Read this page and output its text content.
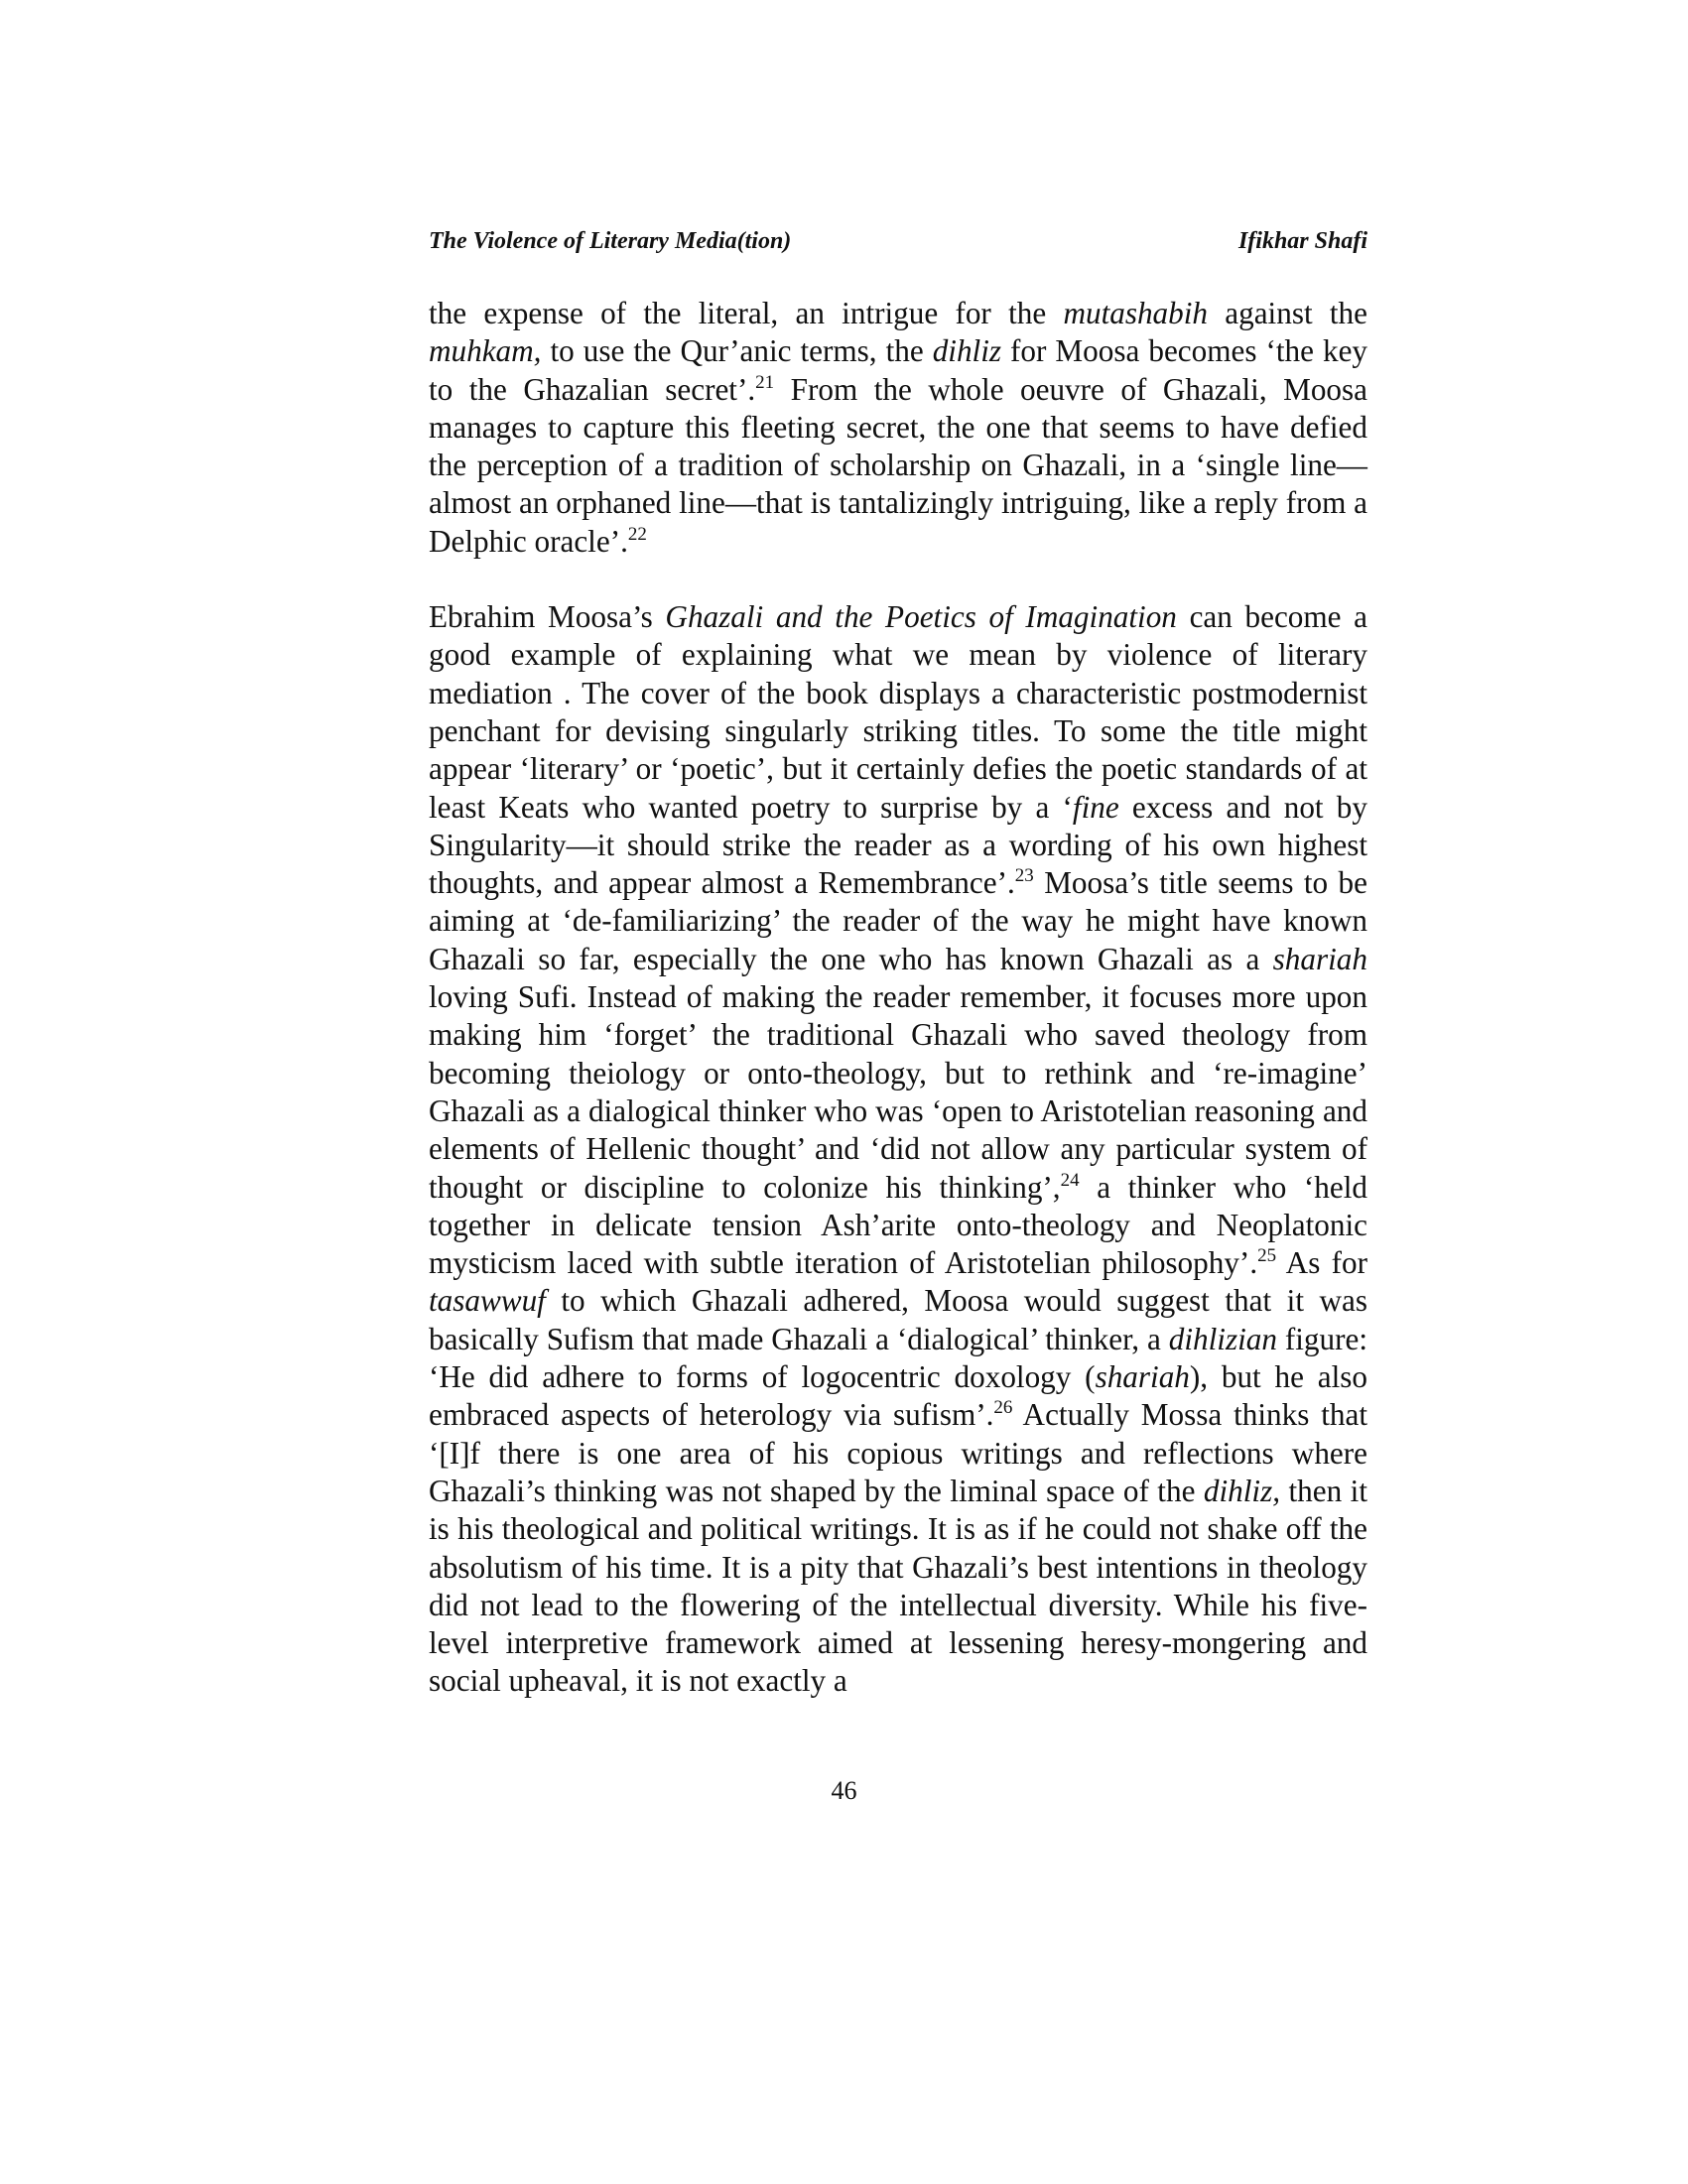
The Violence of Literary Media(tion)	Ifikhar Shafi

the expense of the literal, an intrigue for the mutashabih against the muhkam, to use the Qur’anic terms, the dihliz for Moosa becomes ‘the key to the Ghazalian secret’.$^{21}$ From the whole oeuvre of Ghazali, Moosa manages to capture this fleeting secret, the one that seems to have defied the perception of a tradition of scholarship on Ghazali, in a ‘single line—almost an orphaned line—that is tantalizingly intriguing, like a reply from a Delphic oracle’.$^{22}$

Ebrahim Moosa’s Ghazali and the Poetics of Imagination can become a good example of explaining what we mean by violence of literary mediation . The cover of the book displays a characteristic postmodernist penchant for devising singularly striking titles. To some the title might appear ‘literary’ or ‘poetic’, but it certainly defies the poetic standards of at least Keats who wanted poetry to surprise by a ‘fine excess and not by Singularity—it should strike the reader as a wording of his own highest thoughts, and appear almost a Remembrance’.$^{23}$ Moosa’s title seems to be aiming at ‘de-familiarizing’ the reader of the way he might have known Ghazali so far, especially the one who has known Ghazali as a shariah loving Sufi. Instead of making the reader remember, it focuses more upon making him ‘forget’ the traditional Ghazali who saved theology from becoming theiology or onto-theology, but to rethink and ‘re-imagine’ Ghazali as a dialogical thinker who was ‘open to Aristotelian reasoning and elements of Hellenic thought’ and ‘did not allow any particular system of thought or discipline to colonize his thinking’,$^{24}$ a thinker who ‘held together in delicate tension Ash’arite onto-theology and Neoplatonic mysticism laced with subtle iteration of Aristotelian philosophy’.$^{25}$ As for tasawwuf to which Ghazali adhered, Moosa would suggest that it was basically Sufism that made Ghazali a ‘dialogical’ thinker, a dihlizian figure: ‘He did adhere to forms of logocentric doxology (shariah), but he also embraced aspects of heterology via sufism’.$^{26}$ Actually Mossa thinks that ‘[I]f there is one area of his copious writings and reflections where Ghazali’s thinking was not shaped by the liminal space of the dihliz, then it is his theological and political writings. It is as if he could not shake off the absolutism of his time. It is a pity that Ghazali’s best intentions in theology did not lead to the flowering of the intellectual diversity. While his five-level interpretive framework aimed at lessening heresy-mongering and social upheaval, it is not exactly a

46
